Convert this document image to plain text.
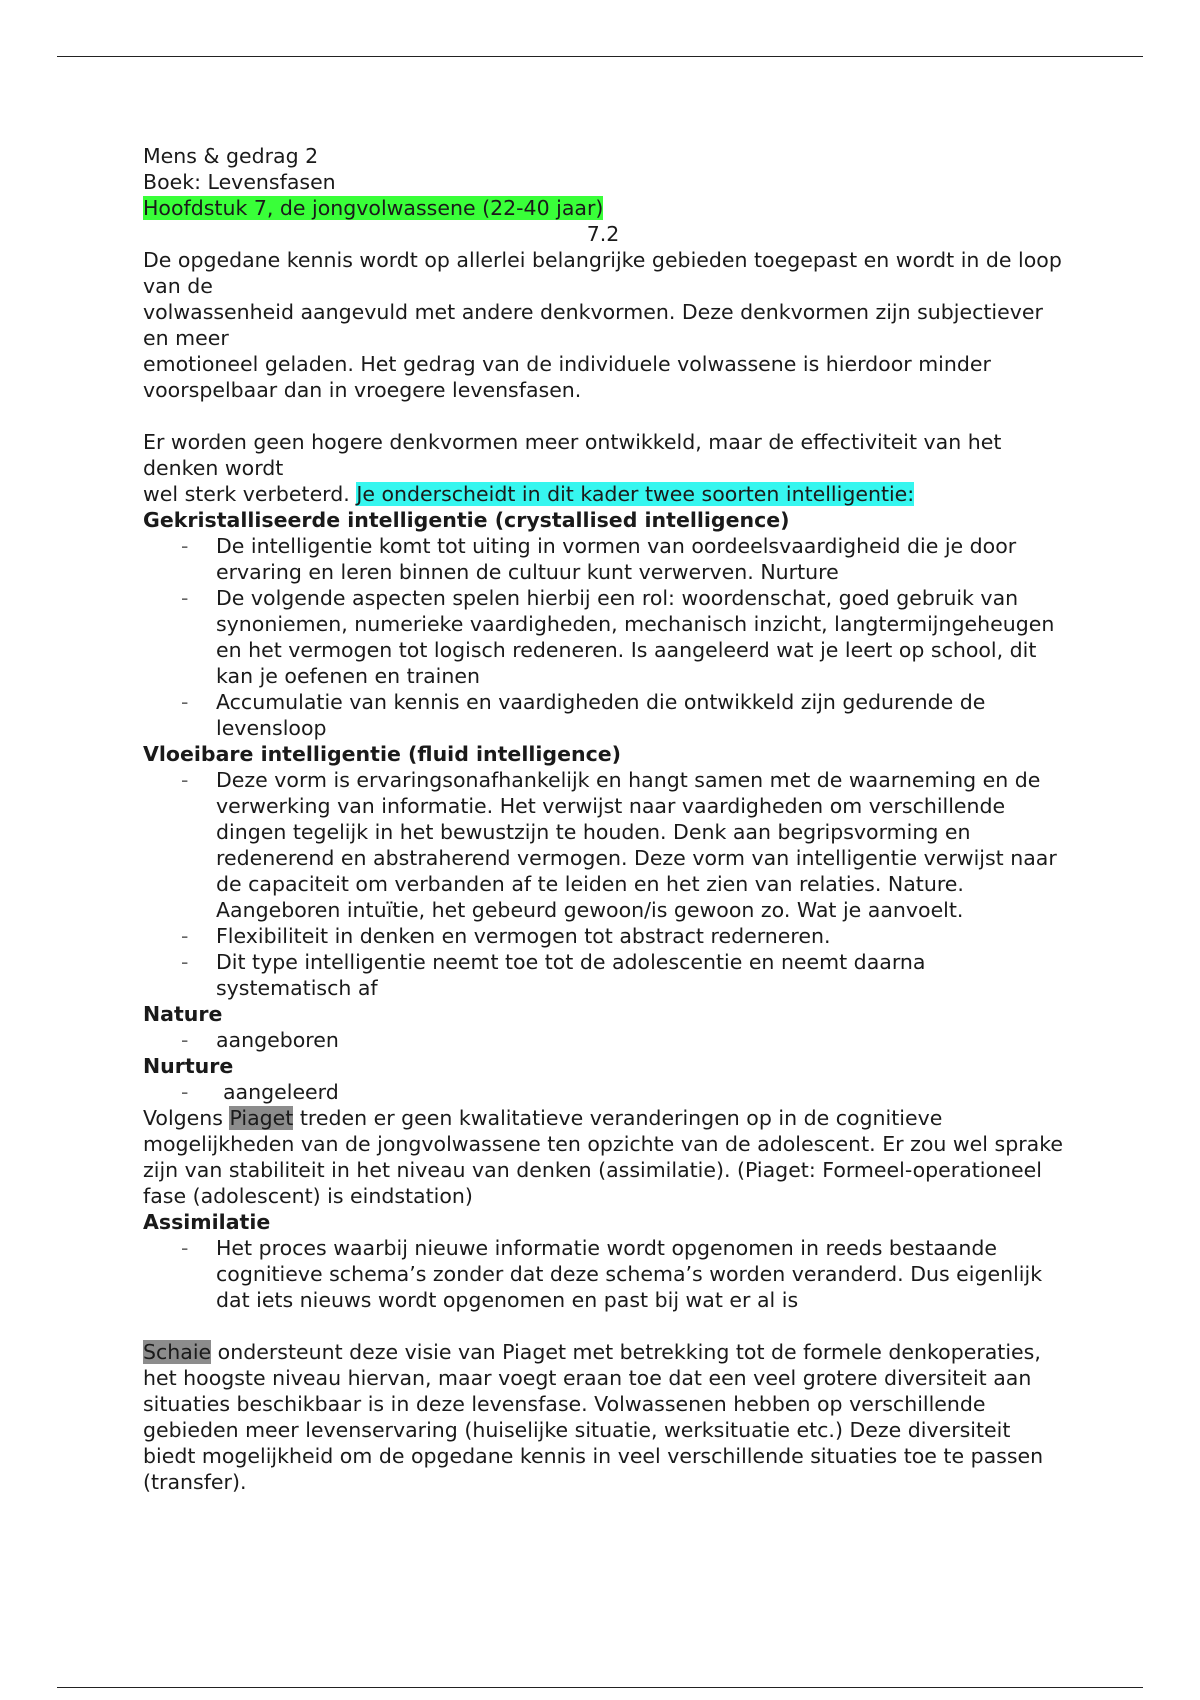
Mens & gedrag 2

Boek: Levensfasen

Hoofdstuk 7, de jongvolwassene (22-40 jaar)

7.2

De opgedane kennis wordt op allerlei belangrijke gebieden toegepast en wordt in de loop van de
volwassenheid aangevuld met andere denkvormen. Deze denkvormen zijn subjectiever en meer
emotioneel geladen. Het gedrag van de individuele volwassene is hierdoor minder voorspelbaar dan in vroegere levensfasen.

Er worden geen hogere denkvormen meer ontwikkeld, maar de effectiviteit van het denken wordt
wel sterk verbeterd. Je onderscheidt in dit kader twee soorten intelligentie:

Gekristalliseerde intelligentie (crystallised intelligence)

- De intelligentie komt tot uiting in vormen van oordeelsvaardigheid die je door ervaring en leren binnen de cultuur kunt verwerven. Nurture
- De volgende aspecten spelen hierbij een rol: woordenschat, goed gebruik van synoniemen, numerieke vaardigheden, mechanisch inzicht, langtermijngeheugen en het vermogen tot logisch redeneren. Is aangeleerd wat je leert op school, dit kan je oefenen en trainen
- Accumulatie van kennis en vaardigheden die ontwikkeld zijn gedurende de levensloop

Vloeibare intelligentie (fluid intelligence)

- Deze vorm is ervaringsonafhankelijk en hangt samen met de waarneming en de verwerking van informatie. Het verwijst naar vaardigheden om verschillende dingen tegelijk in het bewustzijn te houden. Denk aan begripsvorming en redenerend en abstraherend vermogen. Deze vorm van intelligentie verwijst naar de capaciteit om verbanden af te leiden en het zien van relaties. Nature. Aangeboren intuïtie, het gebeurd gewoon/is gewoon zo. Wat je aanvoelt.
- Flexibiliteit in denken en vermogen tot abstract rederneren.
- Dit type intelligentie neemt toe tot de adolescentie en neemt daarna systematisch af

Nature

- aangeboren

Nurture

- aangeleerd

Volgens Piaget treden er geen kwalitatieve veranderingen op in de cognitieve mogelijkheden van de jongvolwassene ten opzichte van de adolescent. Er zou wel sprake zijn van stabiliteit in het niveau van denken (assimilatie). (Piaget: Formeel-operationeel fase (adolescent) is eindstation)

Assimilatie

- Het proces waarbij nieuwe informatie wordt opgenomen in reeds bestaande cognitieve schema’s zonder dat deze schema’s worden veranderd. Dus eigenlijk dat iets nieuws wordt opgenomen en past bij wat er al is

Schaie ondersteunt deze visie van Piaget met betrekking tot de formele denkoperaties, het hoogste niveau hiervan, maar voegt eraan toe dat een veel grotere diversiteit aan situaties beschikbaar is in deze levensfase. Volwassenen hebben op verschillende gebieden meer levenservaring (huiselijke situatie, werksituatie etc.) Deze diversiteit biedt mogelijkheid om de opgedane kennis in veel verschillende situaties toe te passen (transfer).
